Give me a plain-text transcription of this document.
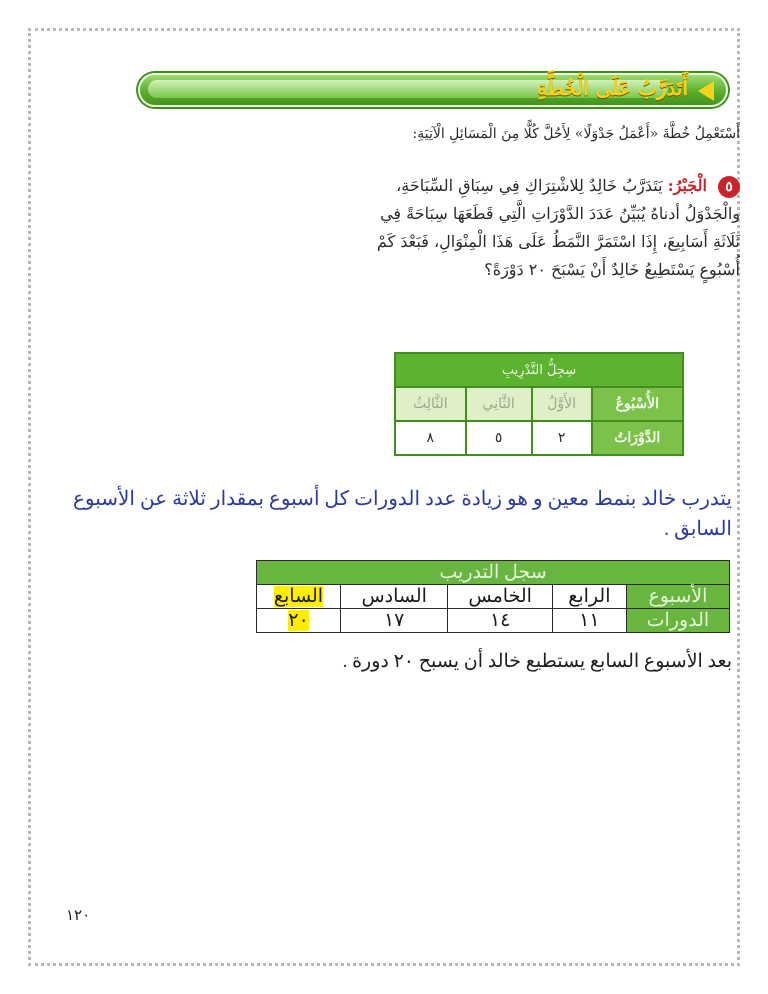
أَتَدَرَّبُ عَلَى الْخُطَّةِ
أَسْتَعْمِلُ خُطَّةَ «أَعْمَلُ جَدْوَلًا» لِأَحُلَّ كُلًّا مِنَ الْمَسَائِلِ الْآتِيَةِ:
٥ الْجَبْرُ: يَتَدَرَّبُ خَالِدٌ لِلاشْتِرَاكِ فِي سِبَاقِ السِّبَاحَةِ، والْجَدْوَلُ أدناهُ يُبَيِّنُ عَدَدَ الدَّوْرَاتِ الَّتِي قَطَعَهَا سِبَاحَةً فِي ثَلَاثَةِ أَسَابِيعَ، إِذَا اسْتَمَرَّ النَّمَطُ عَلَى هَذَا الْمِنْوَالِ، فَبَعْدَ كَمْ أُسْبُوعٍ يَسْتَطِيعُ خَالِدٌ أَنْ يَسْبَحَ ٢٠ دَوْرَةً؟
سِجِلُّ التَّدْرِيبِ			
الأُسْبُوعُ	الأَوَّلُ	الثَّانِي	الثَّالِثُ
الدَّوْرَاتُ	٢	٥	٨
يتدرب خالد بنمط معين و هو زيادة عدد الدورات كل أسبوع بمقدار ثلاثة عن الأسبوع السابق .
سجل التدريب				
الأسبوع	الرابع	الخامس	السادس	السابع
الدورات	١١	١٤	١٧	٢٠
بعد الأسبوع السابع يستطيع خالد أن يسبح ٢٠ دورة .
١٢٠
